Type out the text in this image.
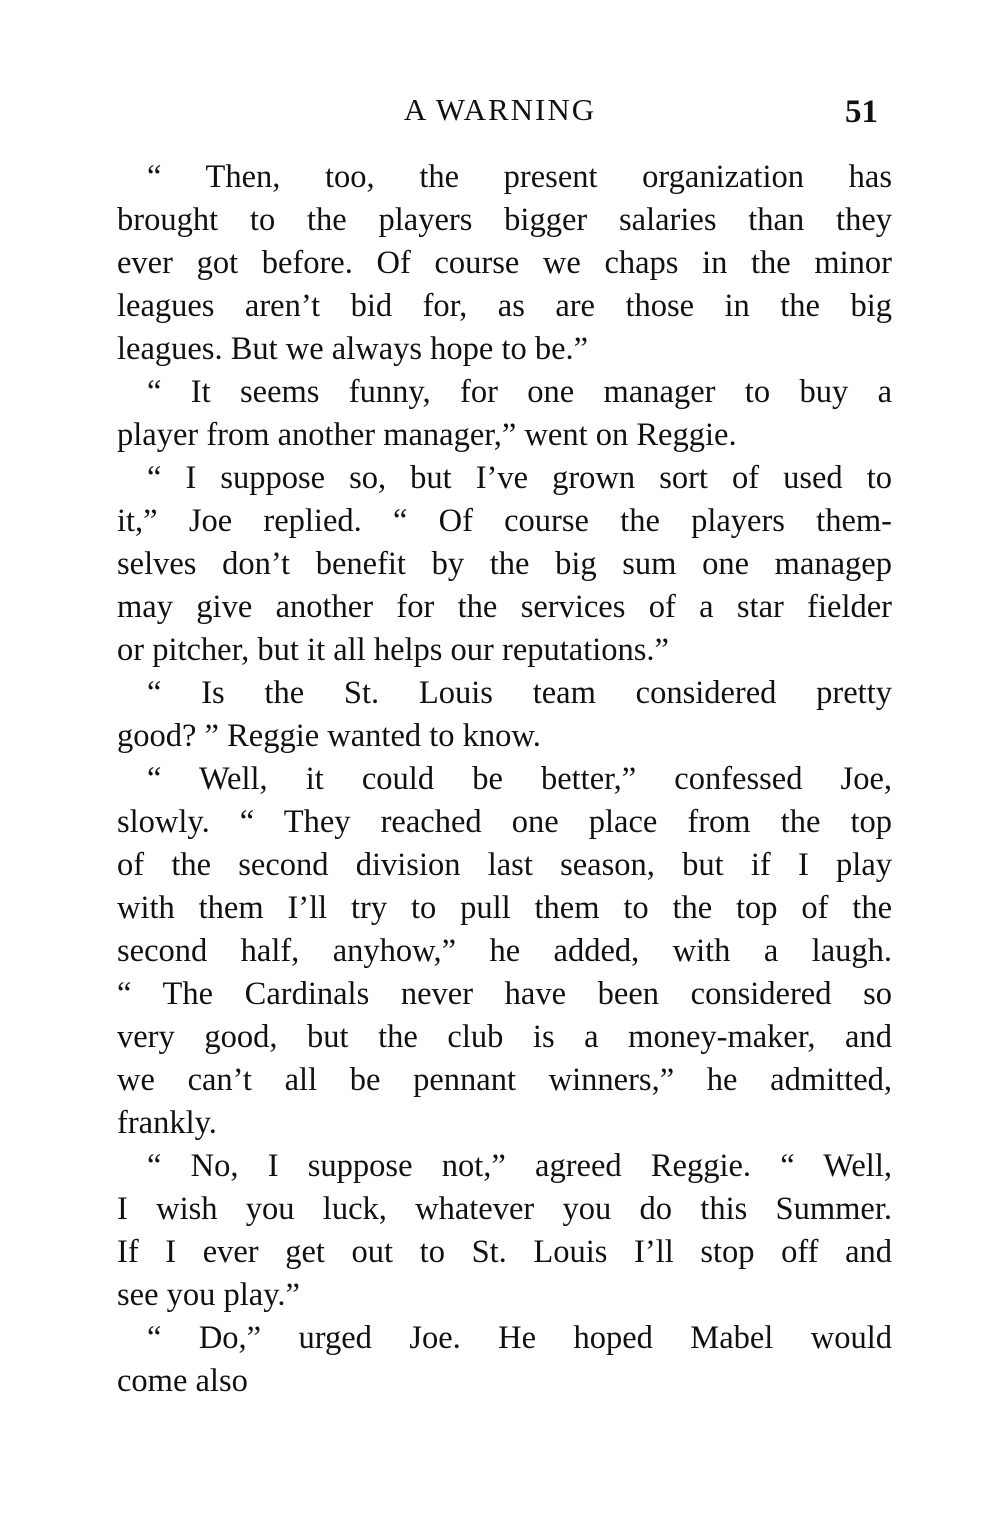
A WARNING	51
“ Then, too, the present organization has
brought to the players bigger salaries than they
ever got before. Of course we chaps in the minor
leagues aren’t bid for, as are those in the big
leagues. But we always hope to be.”
“ It seems funny, for one manager to buy a
player from another manager,” went on Reggie.
“ I suppose so, but I’ve grown sort of used to
it,” Joe replied. “ Of course the players them-
selves don’t benefit by the big sum one managep
may give another for the services of a star fielder
or pitcher, but it all helps our reputations.”
“ Is the St. Louis team considered pretty
good? ” Reggie wanted to know.
“ Well, it could be better,” confessed Joe,
slowly. “ They reached one place from the top
of the second division last season, but if I play
with them I’ll try to pull them to the top of the
second half, anyhow,” he added, with a laugh.
“ The Cardinals never have been considered so
very good, but the club is a money-maker, and
we can’t all be pennant winners,” he admitted,
frankly.
“ No, I suppose not,” agreed Reggie. “ Well,
I wish you luck, whatever you do this Summer.
If I ever get out to St. Louis I’ll stop off and
see you play.”
“ Do,” urged Joe. He hoped Mabel would
come also
